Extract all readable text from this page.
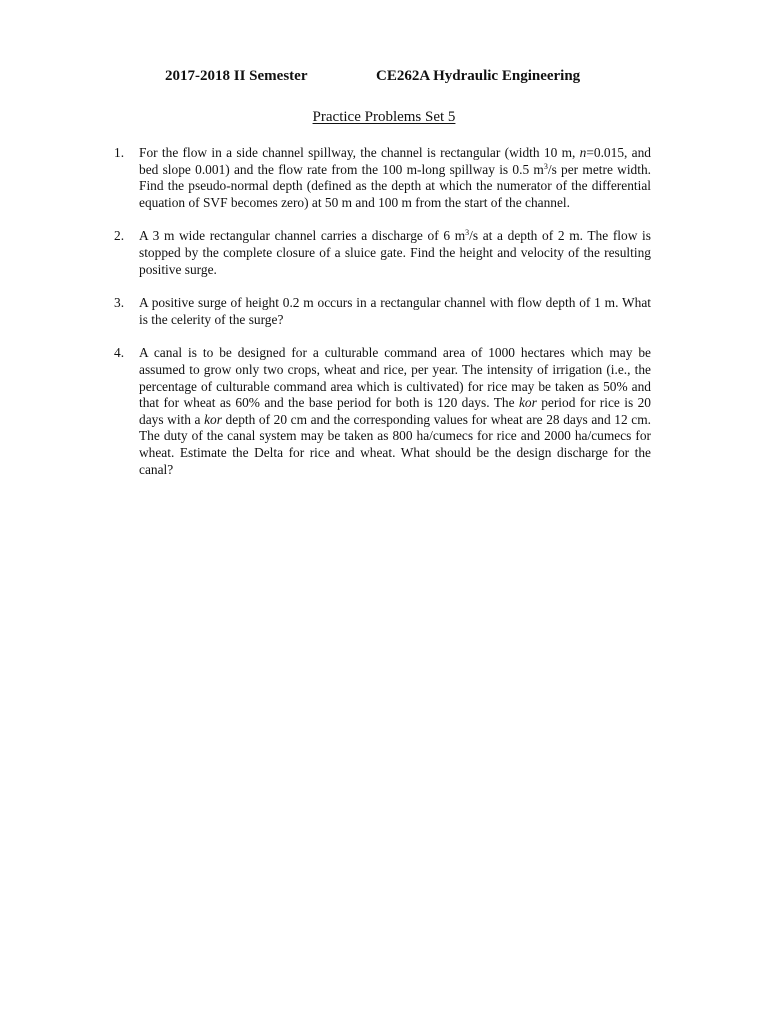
2017-2018 II Semester	CE262A Hydraulic Engineering
Practice Problems Set 5
1. For the flow in a side channel spillway, the channel is rectangular (width 10 m, n=0.015, and bed slope 0.001) and the flow rate from the 100 m-long spillway is 0.5 $m^3/s$ per metre width. Find the pseudo-normal depth (defined as the depth at which the numerator of the differential equation of SVF becomes zero) at 50 m and 100 m from the start of the channel.
2. A 3 m wide rectangular channel carries a discharge of 6 $m^3/s$ at a depth of 2 m. The flow is stopped by the complete closure of a sluice gate. Find the height and velocity of the resulting positive surge.
3. A positive surge of height 0.2 m occurs in a rectangular channel with flow depth of 1 m. What is the celerity of the surge?
4. A canal is to be designed for a culturable command area of 1000 hectares which may be assumed to grow only two crops, wheat and rice, per year. The intensity of irrigation (i.e., the percentage of culturable command area which is cultivated) for rice may be taken as 50% and that for wheat as 60% and the base period for both is 120 days. The kor period for rice is 20 days with a kor depth of 20 cm and the corresponding values for wheat are 28 days and 12 cm. The duty of the canal system may be taken as 800 ha/cumecs for rice and 2000 ha/cumecs for wheat. Estimate the Delta for rice and wheat. What should be the design discharge for the canal?
